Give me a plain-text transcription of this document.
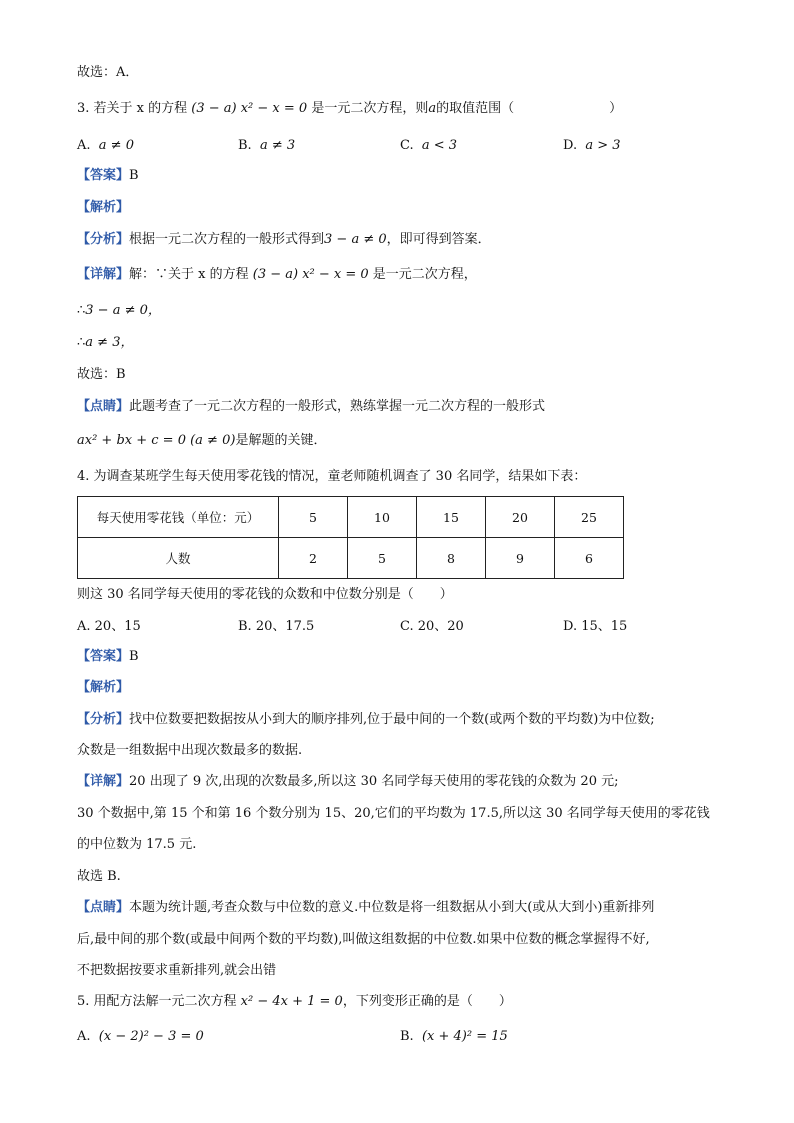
故选：A．
3. 若关于 x 的方程 (3 − a) x² − x = 0 是一元二次方程，则a的取值范围（	）
A. a ≠ 0	B. a ≠ 3	C. a < 3	D. a > 3
【答案】B
【解析】
【分析】根据一元二次方程的一般形式得到3 − a ≠ 0，即可得到答案．
【详解】解：∵关于 x 的方程 (3 − a) x² − x = 0 是一元二次方程，
∴3 − a ≠ 0，
∴a ≠ 3，
故选：B
【点睛】此题考查了一元二次方程的一般形式，熟练掌握一元二次方程的一般形式
ax² + bx + c = 0 (a ≠ 0)是解题的关键．
4. 为调查某班学生每天使用零花钱的情况，童老师随机调查了 30 名同学，结果如下表：
每天使用零花钱（单位：元）	5	10	15	20	25
人数	2	5	8	9	6
则这 30 名同学每天使用的零花钱的众数和中位数分别是（　　）
A. 20、15	B. 20、17.5	C. 20、20	D. 15、15
【答案】B
【解析】
【分析】找中位数要把数据按从小到大的顺序排列,位于最中间的一个数(或两个数的平均数)为中位数;
众数是一组数据中出现次数最多的数据.
【详解】20 出现了 9 次,出现的次数最多,所以这 30 名同学每天使用的零花钱的众数为 20 元;
30 个数据中,第 15 个和第 16 个数分别为 15、20,它们的平均数为 17.5,所以这 30 名同学每天使用的零花钱
的中位数为 17.5 元.
故选 B.
【点睛】本题为统计题,考查众数与中位数的意义.中位数是将一组数据从小到大(或从大到小)重新排列
后,最中间的那个数(或最中间两个数的平均数),叫做这组数据的中位数.如果中位数的概念掌握得不好,
不把数据按要求重新排列,就会出错
5. 用配方法解一元二次方程 x² − 4x + 1 = 0，下列变形正确的是（　　）
A. (x − 2)² − 3 = 0	B. (x + 4)² = 15
